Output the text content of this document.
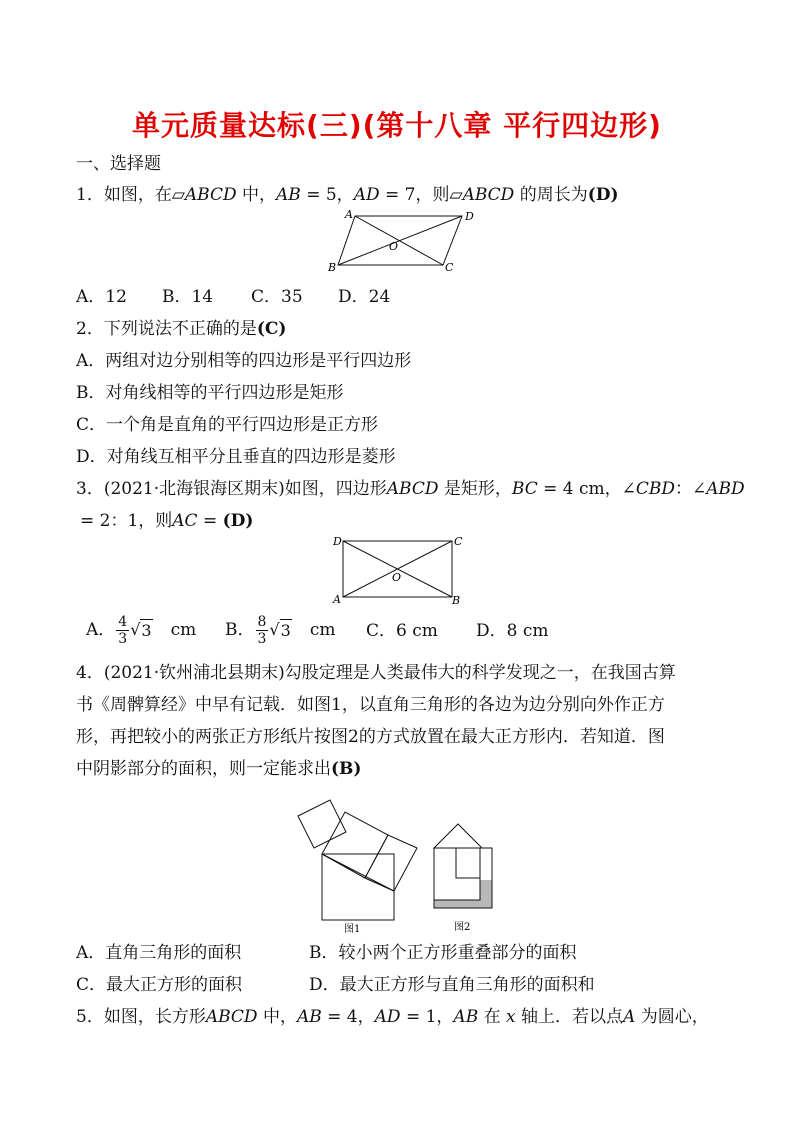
单元质量达标(三)(第十八章 平行四边形)
一、选择题
1．如图，在▱ABCD 中，AB = 5，AD = 7，则▱ABCD 的周长为(D)
A	D
B	C
O
A．12 B．14 C．35 D．24
2．下列说法不正确的是(C)
A．两组对边分别相等的四边形是平行四边形
B．对角线相等的平行四边形是矩形
C．一个角是直角的平行四边形是正方形
D．对角线互相平分且垂直的四边形是菱形
3．(2021·北海银海区期末)如图，四边形ABCD 是矩形，BC = 4 cm，∠CBD：∠ABD
= 2：1，则AC = (D)
D	C
A	B
O
A． $\frac{4}{3}$ √ 3 cm B． $\frac{8}{3}$ √ 3 cm C．6 cm D．8 cm
4．(2021·钦州浦北县期末)勾股定理是人类最伟大的科学发现之一，在我国古算
书《周髀算经》中早有记载．如图1，以直角三角形的各边为边分别向外作正方
形，再把较小的两张正方形纸片按图2的方式放置在最大正方形内．若知道．图
中阴影部分的面积，则一定能求出(B)
图1	图2
A．直角三角形的面积	B．较小两个正方形重叠部分的面积
C．最大正方形的面积	D．最大正方形与直角三角形的面积和
5．如图，长方形ABCD 中，AB = 4，AD = 1，AB 在 x 轴上．若以点A 为圆心，
